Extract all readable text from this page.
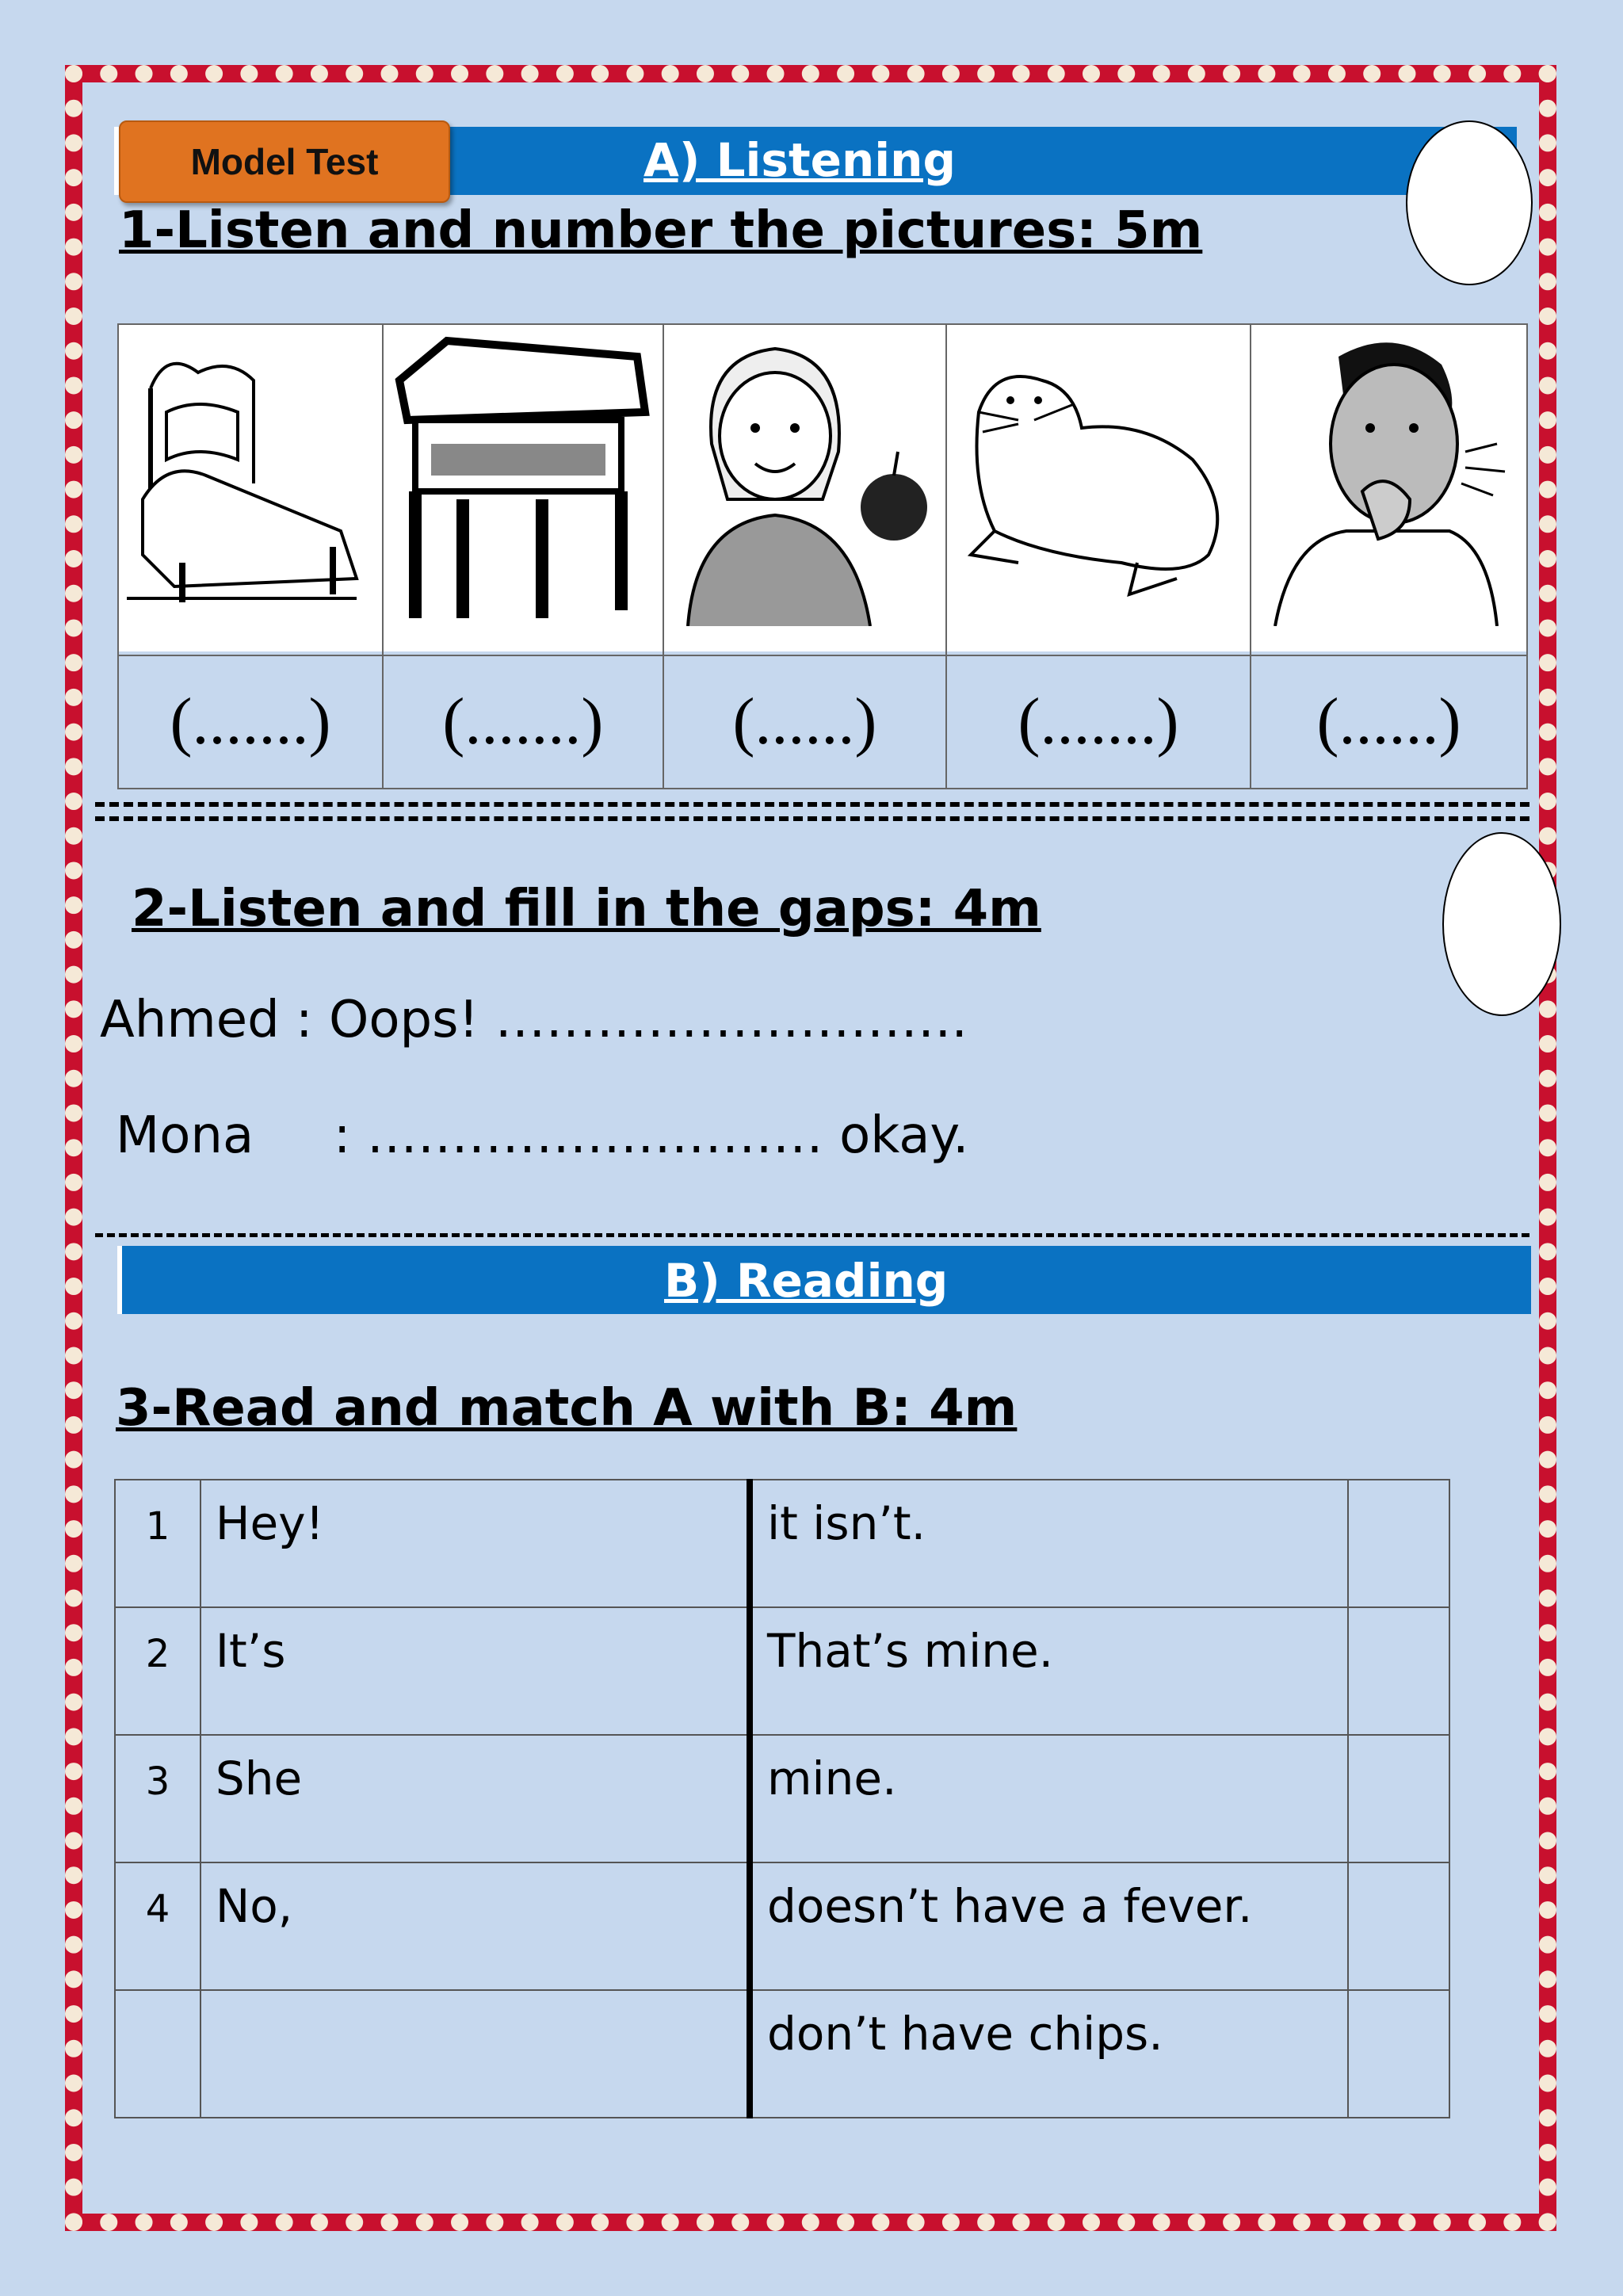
A) Listening
Model Test
1-Listen and number the pictures: 5m

(.......)	(.......)	(......)	(.......)	(......)
2-Listen and fill in the gaps: 4m
Ahmed : Oops! ……………………….
Mona : ……………………… okay.
B) Reading
3-Read and match A with B: 4m
1	Hey!	it isn’t.	
2	It’s	That’s mine.	
3	She	mine.	
4	No,	doesn’t have a fever.	
		don’t have chips.	
